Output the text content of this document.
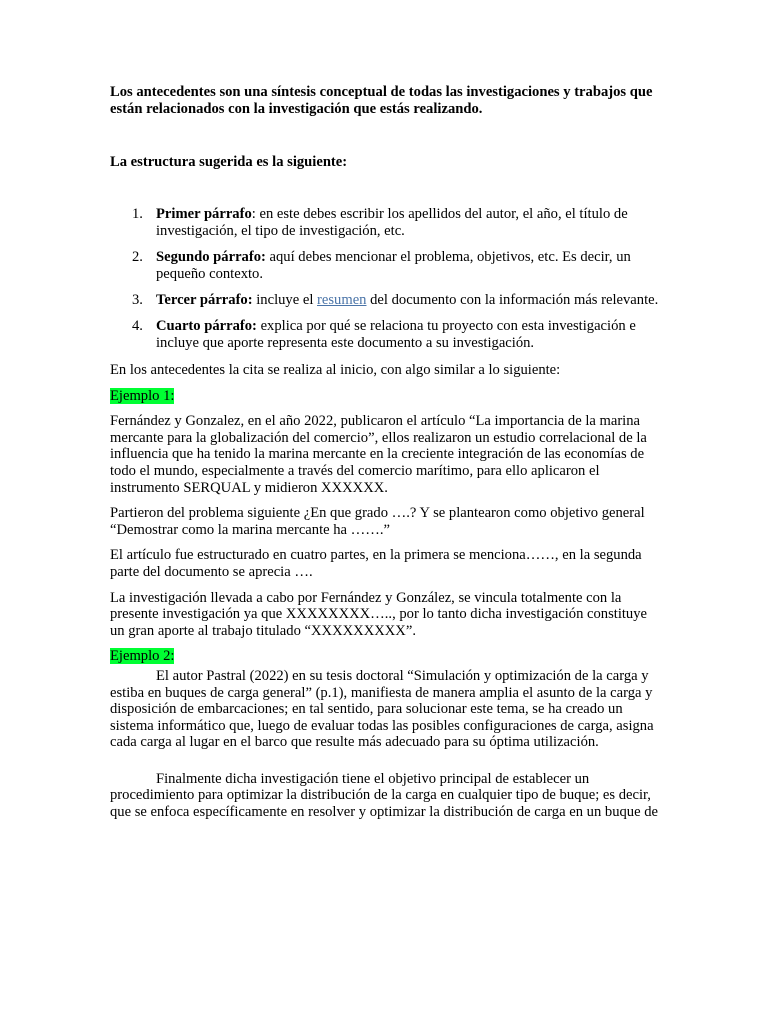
Los antecedentes son una síntesis conceptual de todas las investigaciones y trabajos que están relacionados con la investigación que estás realizando.

La estructura sugerida es la siguiente:

1. Primer párrafo: en este debes escribir los apellidos del autor, el año, el título de investigación, el tipo de investigación, etc.
2. Segundo párrafo: aquí debes mencionar el problema, objetivos, etc. Es decir, un pequeño contexto.
3. Tercer párrafo: incluye el resumen del documento con la información más relevante.
4. Cuarto párrafo: explica por qué se relaciona tu proyecto con esta investigación e incluye que aporte representa este documento a su investigación.

En los antecedentes la cita se realiza al inicio, con algo similar a lo siguiente:

Ejemplo 1:

Fernández y Gonzalez, en el año 2022, publicaron el artículo “La importancia de la marina mercante para la globalización del comercio”, ellos realizaron un estudio correlacional de la influencia que ha tenido la marina mercante en la creciente integración de las economías de todo el mundo, especialmente a través del comercio marítimo, para ello aplicaron el instrumento SERQUAL y midieron XXXXXX.

Partieron del problema siguiente ¿En que grado ….? Y se plantearon como objetivo general “Demostrar como la marina mercante ha …….”

El artículo fue estructurado en cuatro partes, en la primera se menciona……, en la segunda parte del documento se aprecia ….

La investigación llevada a cabo por Fernández y González, se vincula totalmente con la presente investigación ya que XXXXXXXX….., por lo tanto dicha investigación constituye un gran aporte al trabajo titulado “XXXXXXXXX”.

Ejemplo 2:

El autor Pastral (2022) en su tesis doctoral “Simulación y optimización de la carga y estiba en buques de carga general” (p.1), manifiesta de manera amplia el asunto de la carga y disposición de embarcaciones; en tal sentido, para solucionar este tema, se ha creado un sistema informático que, luego de evaluar todas las posibles configuraciones de carga, asigna cada carga al lugar en el barco que resulte más adecuado para su óptima utilización.

Finalmente dicha investigación tiene el objetivo principal de establecer un procedimiento para optimizar la distribución de la carga en cualquier tipo de buque; es decir, que se enfoca específicamente en resolver y optimizar la distribución de carga en un buque de
